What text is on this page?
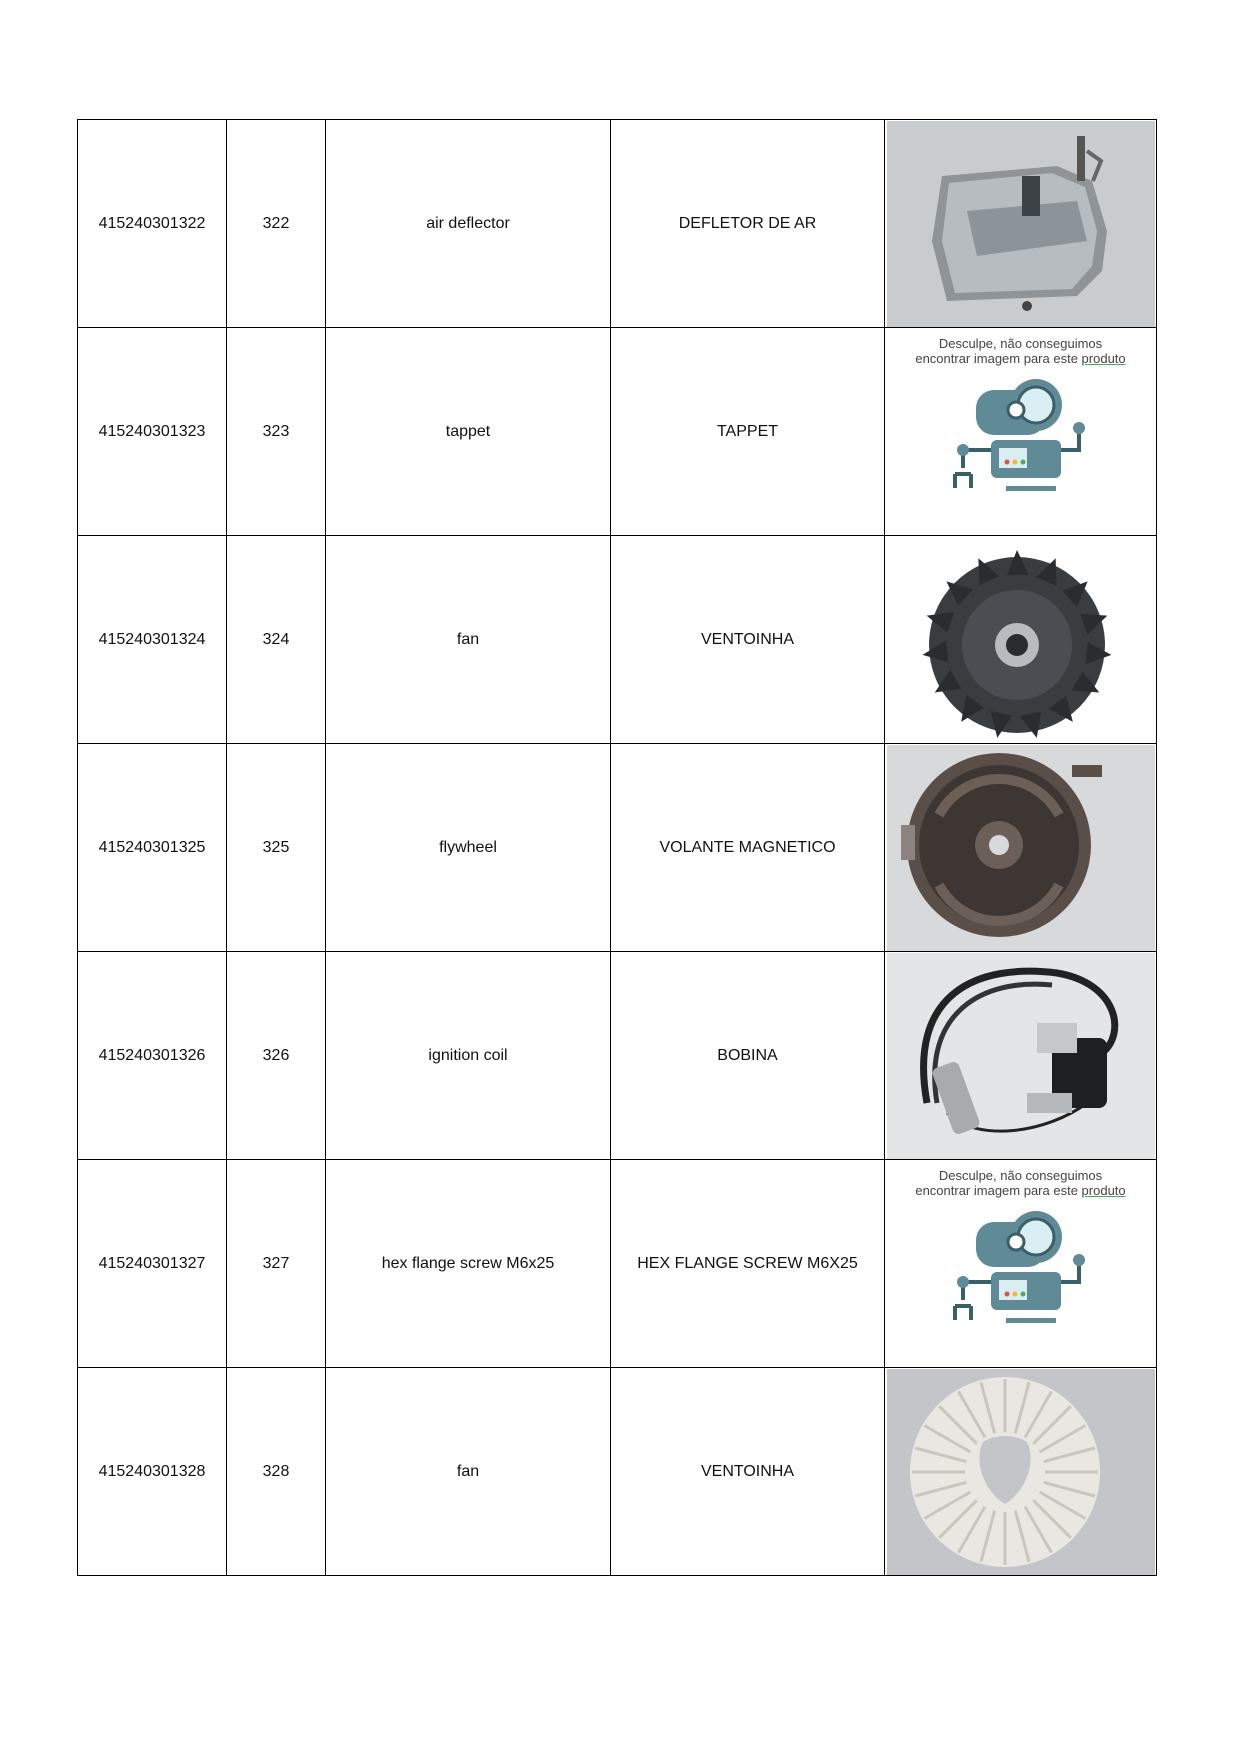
415240301322	322	air deflector	DEFLETOR DE AR	

415240301323	323	tappet	TAPPET	Desculpe, não conseguimos
encontrar imagem para este produto

415240301324	324	fan	VENTOINHA	

415240301325	325	flywheel	VOLANTE MAGNETICO	

415240301326	326	ignition coil	BOBINA	

415240301327	327	hex flange screw M6x25	HEX FLANGE SCREW M6X25	Desculpe, não conseguimos
encontrar imagem para este produto

415240301328	328	fan	VENTOINHA	
